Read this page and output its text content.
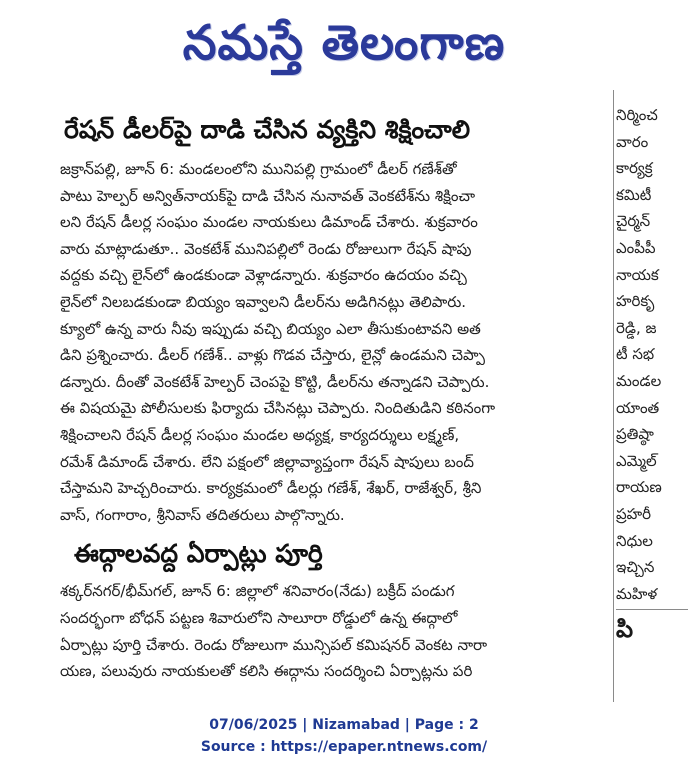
నమస్తే తెలంగాణ
రేషన్ డీలర్‌పై దాడి చేసిన వ్యక్తిని శిక్షించాలి
జక్రాన్‌పల్లి, జూన్ 6: మండలంలోని మునిపల్లి గ్రామంలో డీలర్ గణేశ్‌తో
పాటు హెల్పర్ అన్విత్‌నాయక్‌పై దాడి చేసిన నునావత్ వెంకటేశ్‌ను శిక్షించా
లని రేషన్ డీలర్ల సంఘం మండల నాయకులు డిమాండ్ చేశారు. శుక్రవారం
వారు మాట్లాడుతూ.. వెంకటేశ్ మునిపల్లిలో రెండు రోజులుగా రేషన్ షాపు
వద్దకు వచ్చి లైన్‌లో ఉండకుండా వెళ్లాడన్నారు. శుక్రవారం ఉదయం వచ్చి
లైన్‌లో నిలబడకుండా బియ్యం ఇవ్వాలని డీలర్‌ను అడిగినట్లు తెలిపారు.
క్యూలో ఉన్న వారు నీవు ఇప్పుడు వచ్చి బియ్యం ఎలా తీసుకుంటావని అత
డిని ప్రశ్నించారు. డీలర్ గణేశ్.. వాళ్లు గొడవ చేస్తారు, లైన్లో ఉండమని చెప్పా
డన్నారు. దీంతో వెంకటేశ్ హెల్పర్ చెంపపై కొట్టి, డీలర్‌ను తన్నాడని చెప్పారు.
ఈ విషయమై పోలీసులకు ఫిర్యాదు చేసినట్లు చెప్పారు. నిందితుడిని కఠినంగా
శిక్షించాలని రేషన్ డీలర్ల సంఘం మండల అధ్యక్ష, కార్యదర్శులు లక్ష్మణ్,
రమేశ్ డిమాండ్ చేశారు. లేని పక్షంలో జిల్లావ్యాప్తంగా రేషన్ షాపులు బంద్
చేస్తామని హెచ్చరించారు. కార్యక్రమంలో డీలర్లు గణేశ్, శేఖర్, రాజేశ్వర్, శ్రీని
వాస్, గంగారాం, శ్రీనివాస్ తదితరులు పాల్గొన్నారు.
ఈద్గాలవద్ద ఏర్పాట్లు పూర్తి
శక్కర్‌నగర్/భీమ్‌గల్, జూన్ 6: జిల్లాలో శనివారం(నేడు) బక్రీద్ పండుగ
సందర్భంగా బోధన్ పట్టణ శివారులోని సాలూరా రోడ్డులో ఉన్న ఈద్గాలో
ఏర్పాట్లు పూర్తి చేశారు. రెండు రోజులుగా మున్సిపల్ కమిషనర్ వెంకట నారా
యణ, పలువురు నాయకులతో కలిసి ఈద్గాను సందర్శించి ఏర్పాట్లను పరి
నిర్మించ
వారం
కార్యక్ర
కమిటీ
చైర్మన్
ఎంపీపీ
నాయక
హరికృ
రెడ్డి, జ
టీ సభ
మండల
యాంత
ప్రతిష్ఠా
ఎమ్మెల్
రాయణ
ప్రహరీ
నిధుల
ఇచ్చిన
మహిళ
పి
07/06/2025 | Nizamabad | Page : 2
Source : https://epaper.ntnews.com/
